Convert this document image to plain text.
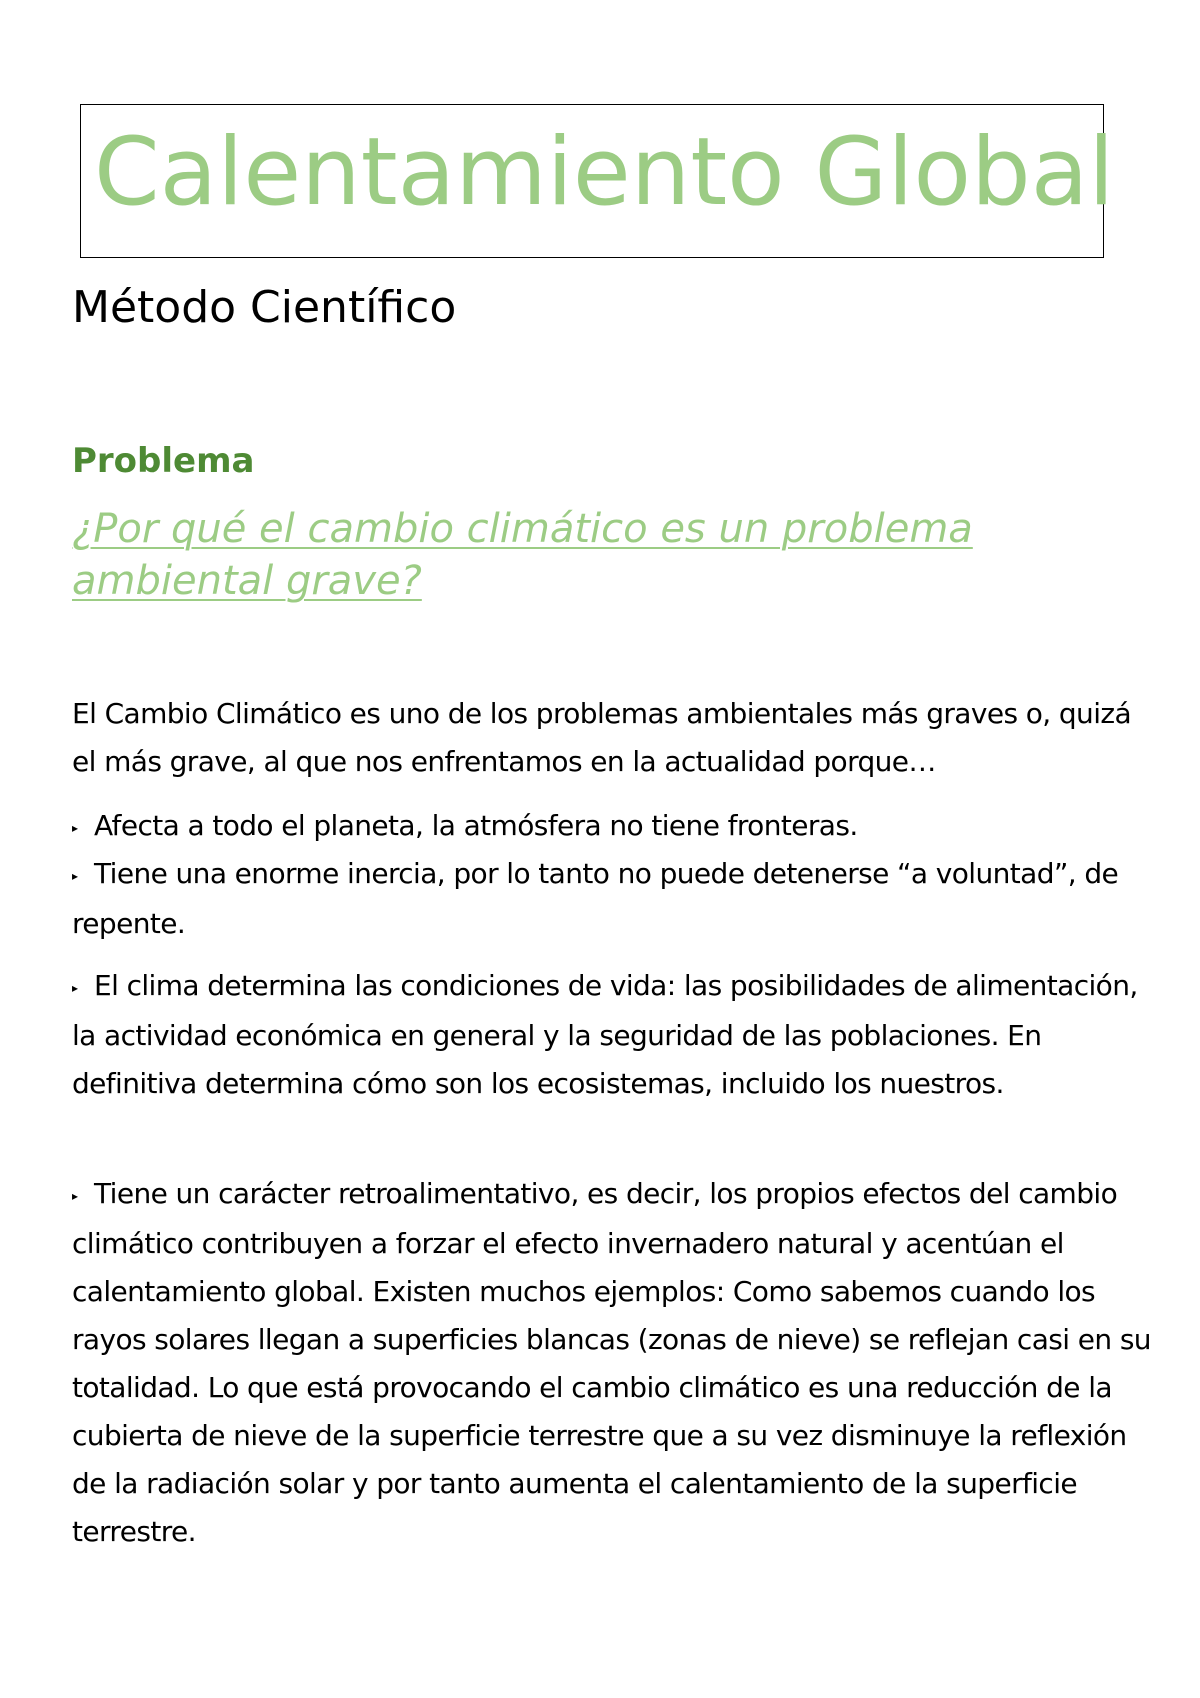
Calentamiento Global
Método Científico
Problema

¿Por qué el cambio climático es un problema ambiental grave?

El Cambio Climático es uno de los problemas ambientales más graves o, quizá el más grave, al que nos enfrentamos en la actualidad porque…

▸ Afecta a todo el planeta, la atmósfera no tiene fronteras.

▸ Tiene una enorme inercia, por lo tanto no puede detenerse “a voluntad”, de repente.

▸ El clima determina las condiciones de vida: las posibilidades de alimentación, la actividad económica en general y la seguridad de las poblaciones. En definitiva determina cómo son los ecosistemas, incluido los nuestros.

▸ Tiene un carácter retroalimentativo, es decir, los propios efectos del cambio climático contribuyen a forzar el efecto invernadero natural y acentúan el calentamiento global. Existen muchos ejemplos: Como sabemos cuando los rayos solares llegan a superficies blancas (zonas de nieve) se reflejan casi en su totalidad. Lo que está provocando el cambio climático es una reducción de la cubierta de nieve de la superficie terrestre que a su vez disminuye la reflexión de la radiación solar y por tanto aumenta el calentamiento de la superficie terrestre.
